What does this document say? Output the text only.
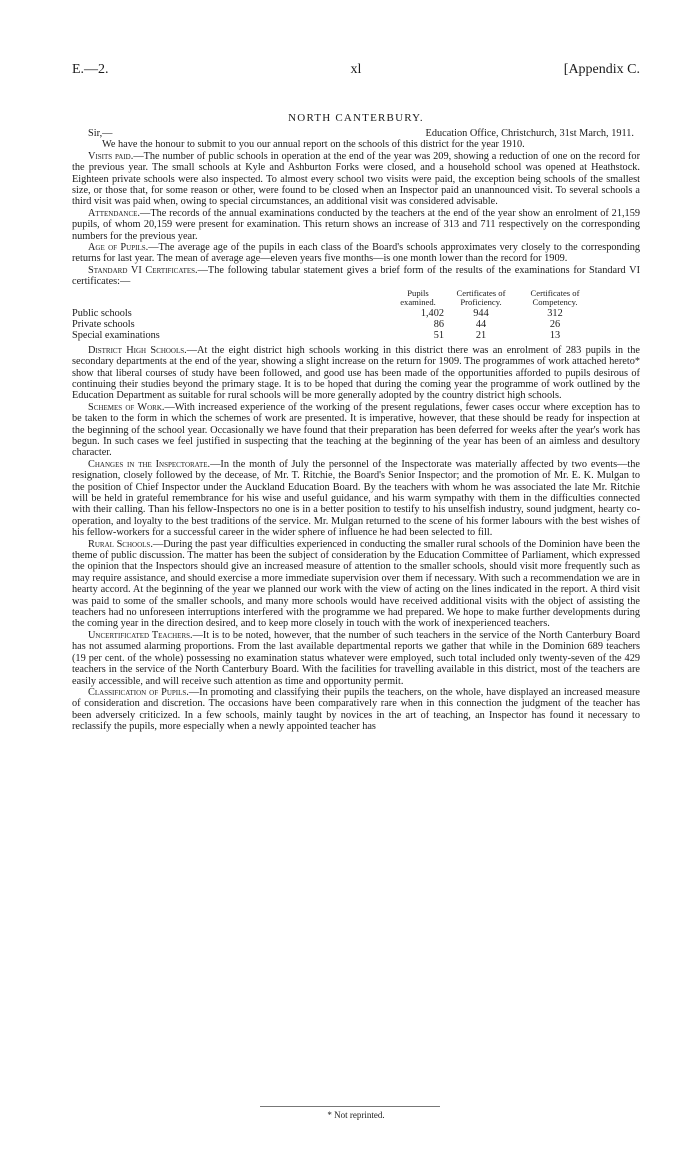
E.—2.	xl	[Appendix C.
NORTH CANTERBURY.

Sir,—	Education Office, Christchurch, 31st March, 1911.

We have the honour to submit to you our annual report on the schools of this district for the year 1910.

Visits paid.—The number of public schools in operation at the end of the year was 209, showing a reduction of one on the record for the previous year. The small schools at Kyle and Ashburton Forks were closed, and a household school was opened at Heathstock. Eighteen private schools were also inspected. To almost every school two visits were paid, the exception being schools of the smallest size, or those that, for some reason or other, were found to be closed when an Inspector paid an unannounced visit. To several schools a third visit was paid when, owing to special circumstances, an additional visit was considered advisable.

Attendance.—The records of the annual examinations conducted by the teachers at the end of the year show an enrolment of 21,159 pupils, of whom 20,159 were present for examination. This return shows an increase of 313 and 711 respectively on the corresponding numbers for the previous year.

Age of Pupils.—The average age of the pupils in each class of the Board's schools approximates very closely to the corresponding returns for last year. The mean of average age—eleven years five months—is one month lower than the record for 1909.

Standard VI Certificates.—The following tabular statement gives a brief form of the results of the examinations for Standard VI certificates:—

	Pupils examined.	Certificates of Proficiency.	Certificates of Competency.
Public schools	1,402	944	312
Private schools	86	44	26
Special examinations	51	21	13

District High Schools.—At the eight district high schools working in this district there was an enrolment of 283 pupils in the secondary departments at the end of the year, showing a slight increase on the return for 1909. The programmes of work attached hereto* show that liberal courses of study have been followed, and good use has been made of the opportunities afforded to pupils desirous of continuing their studies beyond the primary stage. It is to be hoped that during the coming year the programme of work outlined by the Education Department as suitable for rural schools will be more generally adopted by the country district high schools.

Schemes of Work.—With increased experience of the working of the present regulations, fewer cases occur where exception has to be taken to the form in which the schemes of work are presented. It is imperative, however, that these should be ready for inspection at the beginning of the school year. Occasionally we have found that their preparation has been deferred for weeks after the year's work has begun. In such cases we feel justified in suspecting that the teaching at the beginning of the year has been of an aimless and desultory character.

Changes in the Inspectorate.—In the month of July the personnel of the Inspectorate was materially affected by two events—the resignation, closely followed by the decease, of Mr. T. Ritchie, the Board's Senior Inspector; and the promotion of Mr. E. K. Mulgan to the position of Chief Inspector under the Auckland Education Board. By the teachers with whom he was associated the late Mr. Ritchie will be held in grateful remembrance for his wise and useful guidance, and his warm sympathy with them in the difficulties connected with their calling. Than his fellow-Inspectors no one is in a better position to testify to his unselfish industry, sound judgment, hearty co-operation, and loyalty to the best traditions of the service. Mr. Mulgan returned to the scene of his former labours with the best wishes of his fellow-workers for a successful career in the wider sphere of influence he had been selected to fill.

Rural Schools.—During the past year difficulties experienced in conducting the smaller rural schools of the Dominion have been the theme of public discussion. The matter has been the subject of consideration by the Education Committee of Parliament, which expressed the opinion that the Inspectors should give an increased measure of attention to the smaller schools, should visit more frequently such as may require assistance, and should exercise a more immediate supervision over them if necessary. With such a recommendation we are in hearty accord. At the beginning of the year we planned our work with the view of acting on the lines indicated in the report. A third visit was paid to some of the smaller schools, and many more schools would have received additional visits with the object of assisting the teachers had no unforeseen interruptions interfered with the programme we had prepared. We hope to make further developments during the coming year in the direction desired, and to keep more closely in touch with the work of inexperienced teachers.

Uncertificated Teachers.—It is to be noted, however, that the number of such teachers in the service of the North Canterbury Board has not assumed alarming proportions. From the last available departmental reports we gather that while in the Dominion 689 teachers (19 per cent. of the whole) possessing no examination status whatever were employed, such total included only twenty-seven of the 429 teachers in the service of the North Canterbury Board. With the facilities for travelling available in this district, most of the teachers are easily accessible, and will receive such attention as time and opportunity permit.

Classification of Pupils.—In promoting and classifying their pupils the teachers, on the whole, have displayed an increased measure of consideration and discretion. The occasions have been comparatively rare when in this connection the judgment of the teacher has been adversely criticized. In a few schools, mainly taught by novices in the art of teaching, an Inspector has found it necessary to reclassify the pupils, more especially when a newly appointed teacher has

* Not reprinted.
